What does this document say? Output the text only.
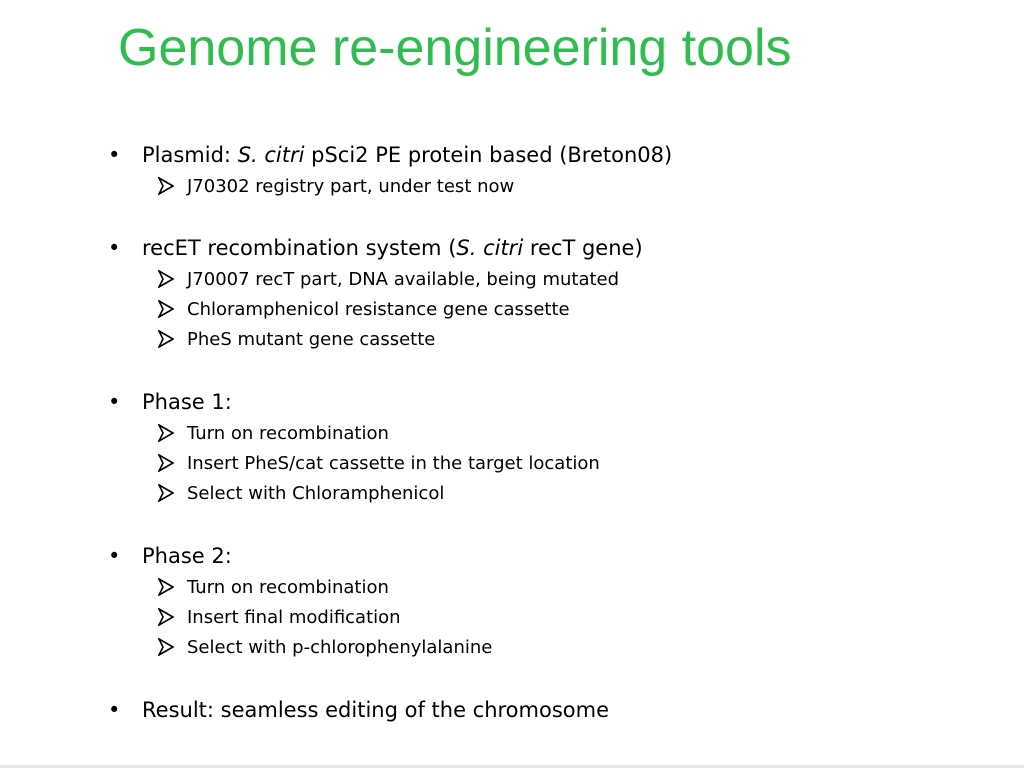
Genome re-engineering tools
• Plasmid: S. citri pSci2 PE protein based (Breton08)
J70302 registry part, under test now
• recET recombination system (S. citri recT gene)
J70007 recT part, DNA available, being mutated
Chloramphenicol resistance gene cassette
PheS mutant gene cassette
• Phase 1:
Turn on recombination
Insert PheS/cat cassette in the target location
Select with Chloramphenicol
• Phase 2:
Turn on recombination
Insert final modification
Select with p-chlorophenylalanine
• Result: seamless editing of the chromosome
